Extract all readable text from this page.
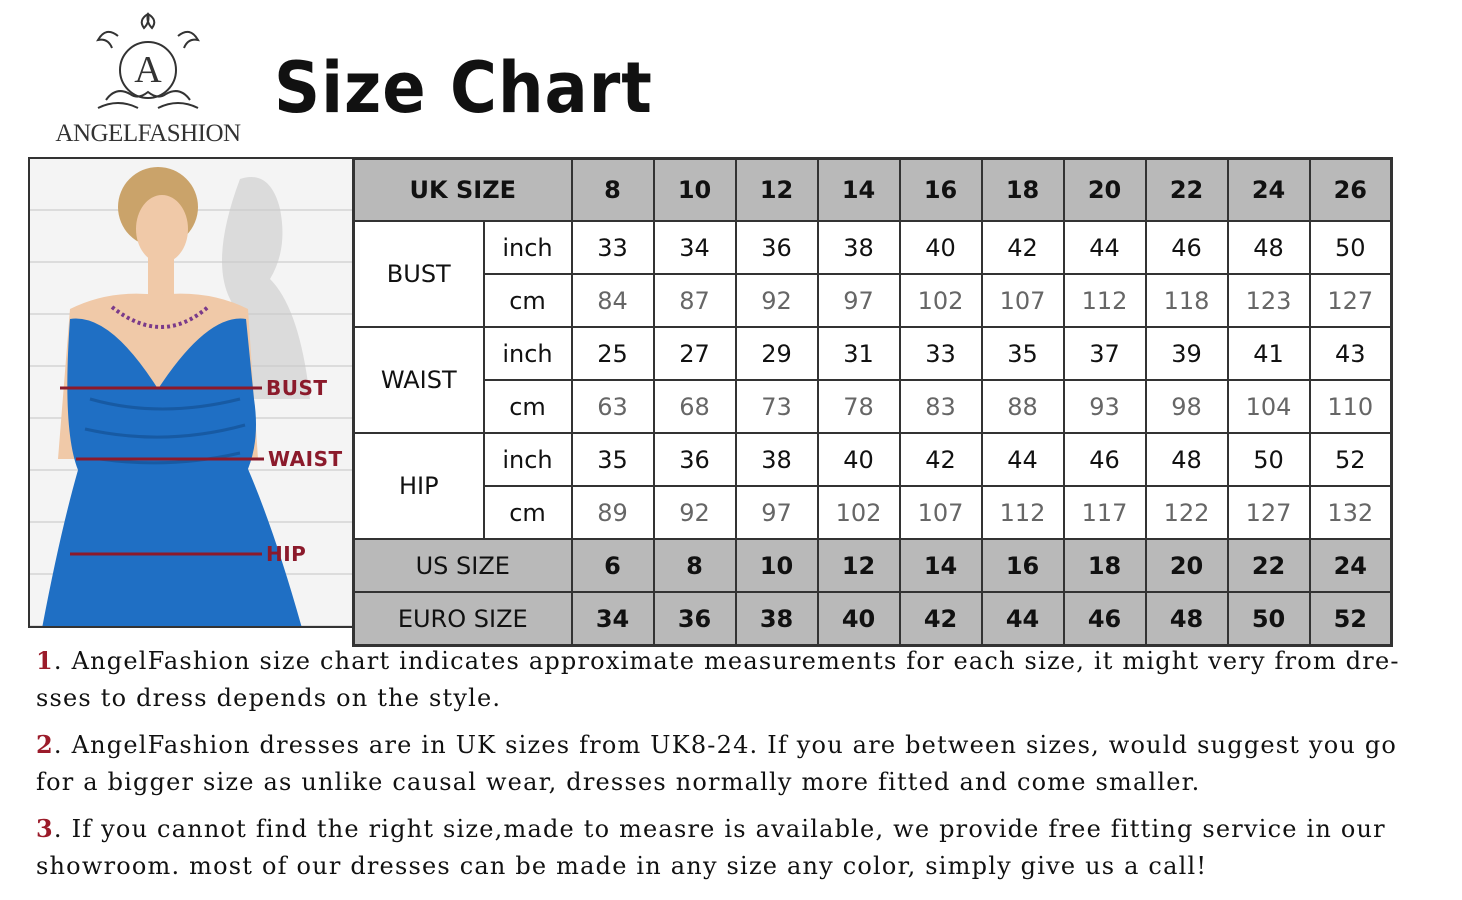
A
ANGELFASHION
Size Chart
BUST
WAIST
HIP
UK SIZE		8	10	12	14	16	18	20	22	24	26
BUST	inch	33	34	36	38	40	42	44	46	48	50
	cm	84	87	92	97	102	107	112	118	123	127
WAIST	inch	25	27	29	31	33	35	37	39	41	43
	cm	63	68	73	78	83	88	93	98	104	110
HIP	inch	35	36	38	40	42	44	46	48	50	52
	cm	89	92	97	102	107	112	117	122	127	132
US SIZE		6	8	10	12	14	16	18	20	22	24
EURO SIZE		34	36	38	40	42	44	46	48	50	52

1. AngelFashion size chart indicates approximate measurements for each size, it might very from dre- sses to dress depends on the style.

2. AngelFashion dresses are in UK sizes from UK8-24. If you are between sizes, would suggest you go for a bigger size as unlike causal wear, dresses normally more fitted and come smaller.

3. If you cannot find the right size,made to measre is available, we provide free fitting service in our showroom. most of our dresses can be made in any size any color, simply give us a call!
